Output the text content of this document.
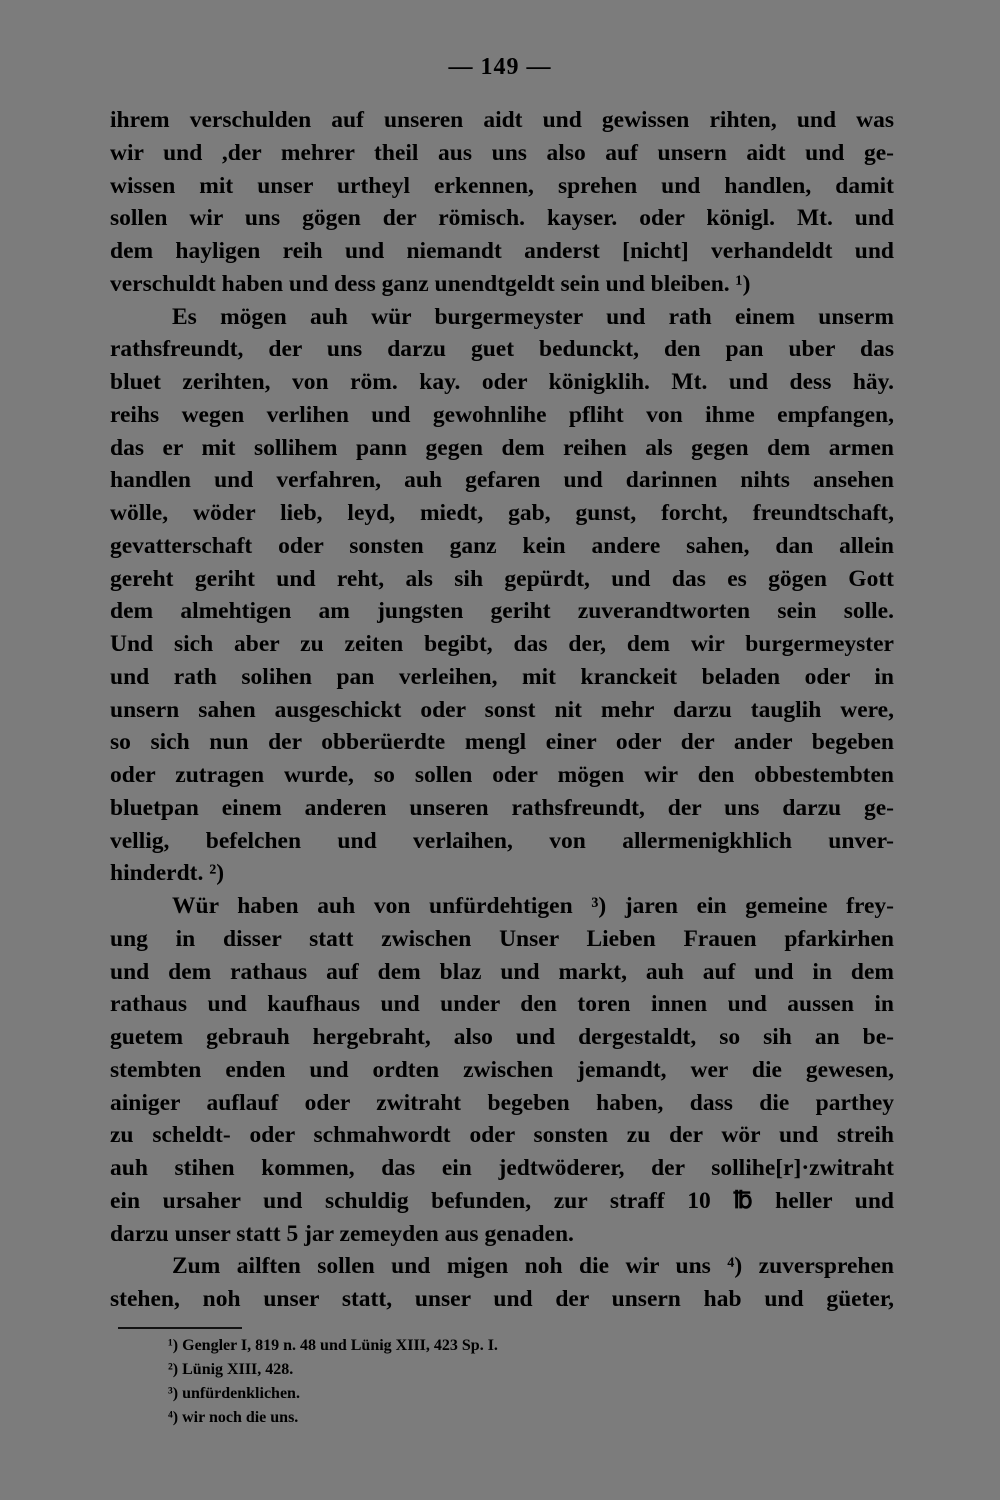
— 149 —
ihrem verschulden auf unseren aidt und gewissen rihten, und was
wir und ,der mehrer theil aus uns also auf unsern aidt und ge-
wissen mit unser urtheyl erkennen, sprehen und handlen, damit
sollen wir uns gögen der römisch. kayser. oder königl. Mt. und
dem hayligen reih und niemandt anderst [nicht] verhandeldt und
verschuldt haben und dess ganz unendtgeldt sein und bleiben. ¹)
Es mögen auh wür burgermeyster und rath einem unserm
rathsfreundt, der uns darzu guet bedunckt, den pan uber das
bluet zerihten, von röm. kay. oder königklih. Mt. und dess häy.
reihs wegen verlihen und gewohnlihe pfliht von ihme empfangen,
das er mit sollihem pann gegen dem reihen als gegen dem armen
handlen und verfahren, auh gefaren und darinnen nihts ansehen
wölle, wöder lieb, leyd, miedt, gab, gunst, forcht, freundtschaft,
gevatterschaft oder sonsten ganz kein andere sahen, dan allein
gereht geriht und reht, als sih gepürdt, und das es gögen Gott
dem almehtigen am jungsten geriht zuverandtworten sein solle.
Und sich aber zu zeiten begibt, das der, dem wir burgermeyster
und rath solihen pan verleihen, mit kranckeit beladen oder in
unsern sahen ausgeschickt oder sonst nit mehr darzu tauglih were,
so sich nun der obberüerdte mengl einer oder der ander begeben
oder zutragen wurde, so sollen oder mögen wir den obbestembten
bluetpan einem anderen unseren rathsfreundt, der uns darzu ge-
vellig, befelchen und verlaihen, von allermenigkhlich unver-
hinderdt. ²)
Wür haben auh von unfürdehtigen ³) jaren ein gemeine frey-
ung in disser statt zwischen Unser Lieben Frauen pfarkirhen
und dem rathaus auf dem blaz und markt, auh auf und in dem
rathaus und kaufhaus und under den toren innen und aussen in
guetem gebrauh hergebraht, also und dergestaldt, so sih an be-
stembten enden und ordten zwischen jemandt, wer die gewesen,
ainiger auflauf oder zwitraht begeben haben, dass die parthey
zu scheldt- oder schmahwordt oder sonsten zu der wör und streih
auh stihen kommen, das ein jedtwöderer, der sollihe[r]·zwitraht
ein ursaher und schuldig befunden, zur straff 10 ℔ heller und
darzu unser statt 5 jar zemeyden aus genaden.
Zum ailften sollen und migen noh die wir uns ⁴) zuversprehen
stehen, noh unser statt, unser und der unsern hab und güeter,
¹) Gengler I, 819 n. 48 und Lünig XIII, 423 Sp. I.
²) Lünig XIII, 428.
³) unfürdenklichen.
⁴) wir noch die uns.
